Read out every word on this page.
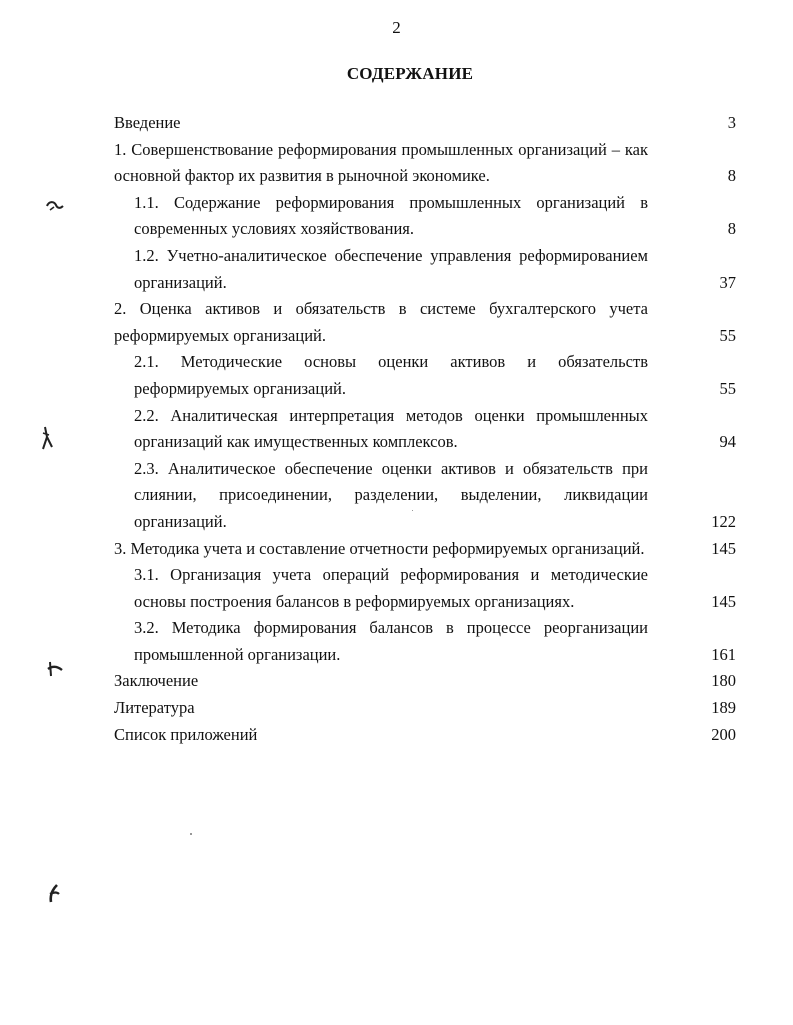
2
СОДЕРЖАНИЕ
Введение	3
1. Совершенствование реформирования промышленных организаций – как основной фактор их развития в рыночной экономике.	8
1.1. Содержание реформирования промышленных организаций в современных условиях хозяйствования.	8
1.2. Учетно-аналитическое обеспечение управления реформированием организаций.	37
2. Оценка активов и обязательств в системе бухгалтерского учета реформируемых организаций.	55
2.1. Методические основы оценки активов и обязательств реформируемых организаций.	55
2.2. Аналитическая интерпретация методов оценки промышленных организаций как имущественных комплексов.	94
2.3. Аналитическое обеспечение оценки активов и обязательств при слиянии, присоединении, разделении, выделении, ликвидации организаций.	122
3. Методика учета и составление отчетности реформируемых организаций.	145
3.1. Организация учета операций реформирования и методические основы построения балансов в реформируемых организациях.	145
3.2. Методика формирования балансов в процессе реорганизации промышленной организации.	161
Заключение	180
Литература	189
Список приложений	200
